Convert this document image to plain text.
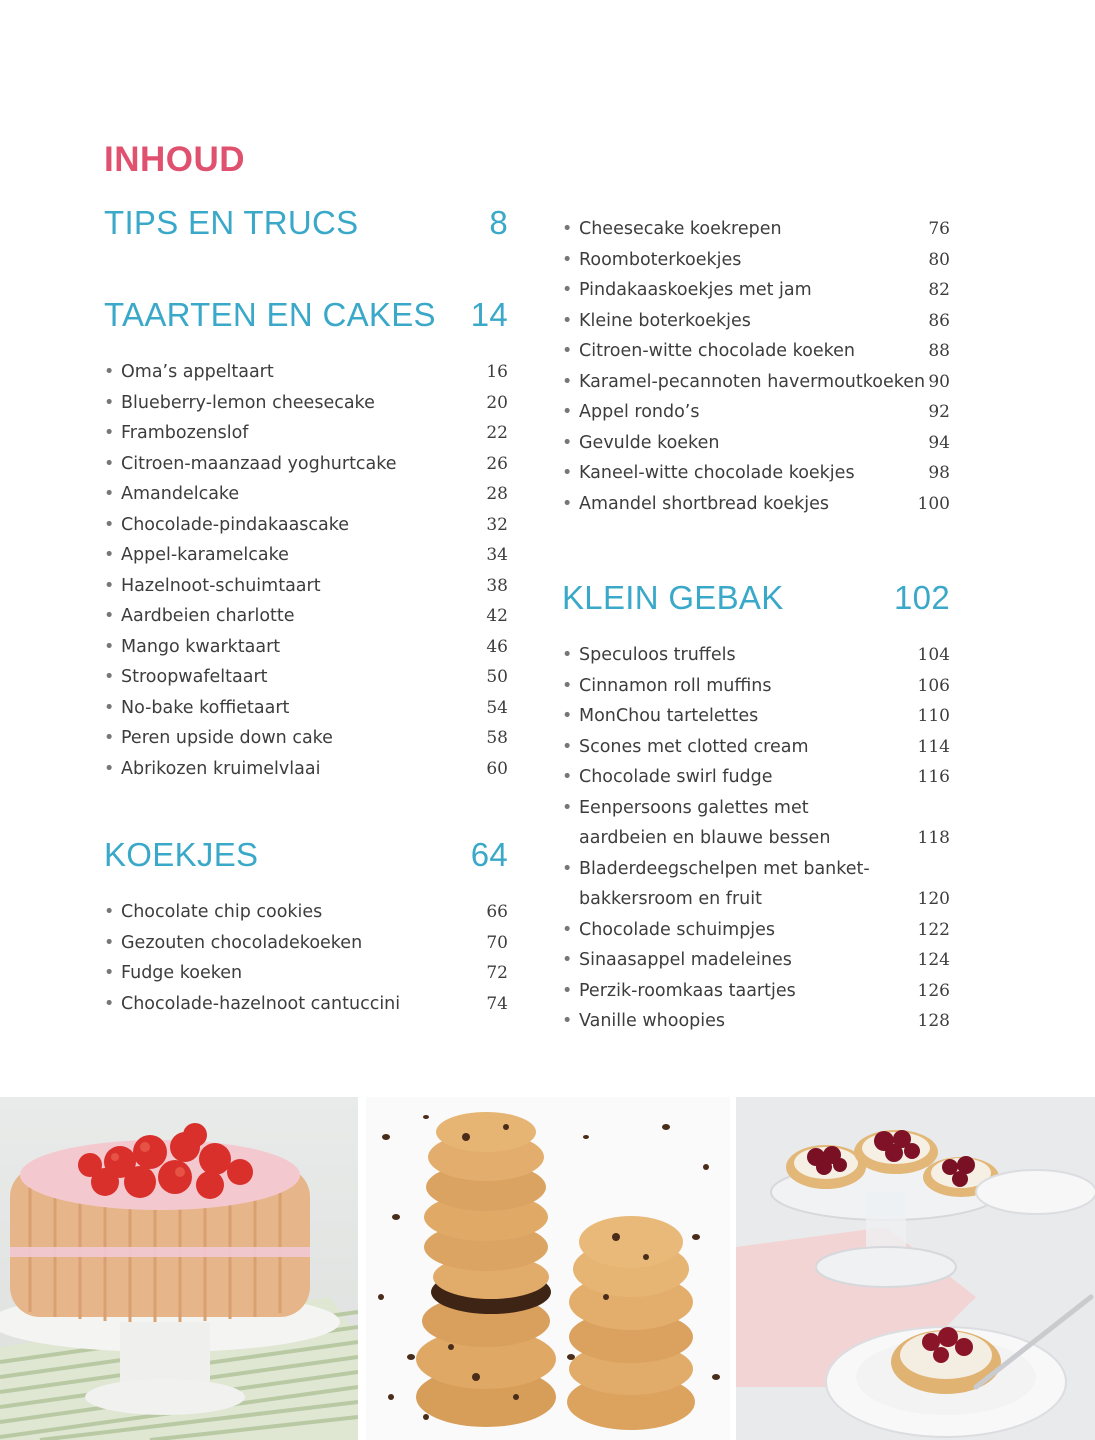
INHOUD
TIPS EN TRUCS	8
TAARTEN EN CAKES 14
• Oma’s appeltaart	16
• Blueberry-lemon cheesecake	20
• Frambozenslof	22
• Citroen-maanzaad yoghurtcake	26
• Amandelcake	28
• Chocolade-pindakaascake	32
• Appel-karamelcake	34
• Hazelnoot-schuimtaart	38
• Aardbeien charlotte	42
• Mango kwarktaart	46
• Stroopwafeltaart	50
• No-bake koffietaart	54
• Peren upside down cake	58
• Abrikozen kruimelvlaai	60
KOEKJES	64
• Chocolate chip cookies	66
• Gezouten chocoladekoeken	70
• Fudge koeken	72
• Chocolade-hazelnoot cantuccini	74
• Cheesecake koekrepen	76
• Roomboterkoekjes	80
• Pindakaaskoekjes met jam	82
• Kleine boterkoekjes	86
• Citroen-witte chocolade koeken	88
• Karamel-pecannoten havermoutkoeken 90
• Appel rondo’s	92
• Gevulde koeken	94
• Kaneel-witte chocolade koekjes	98
• Amandel shortbread koekjes	100
KLEIN GEBAK	102
• Speculoos truffels	104
• Cinnamon roll muffins	106
• MonChou tartelettes	110
• Scones met clotted cream	114
• Chocolade swirl fudge	116
• Eenpersoons galettes met aardbeien en blauwe bessen	118
• Bladerdeegschelpen met banket-bakkersroom en fruit	120
• Chocolade schuimpjes	122
• Sinaasappel madeleines	124
• Perzik-roomkaas taartjes	126
• Vanille whoopies	128
